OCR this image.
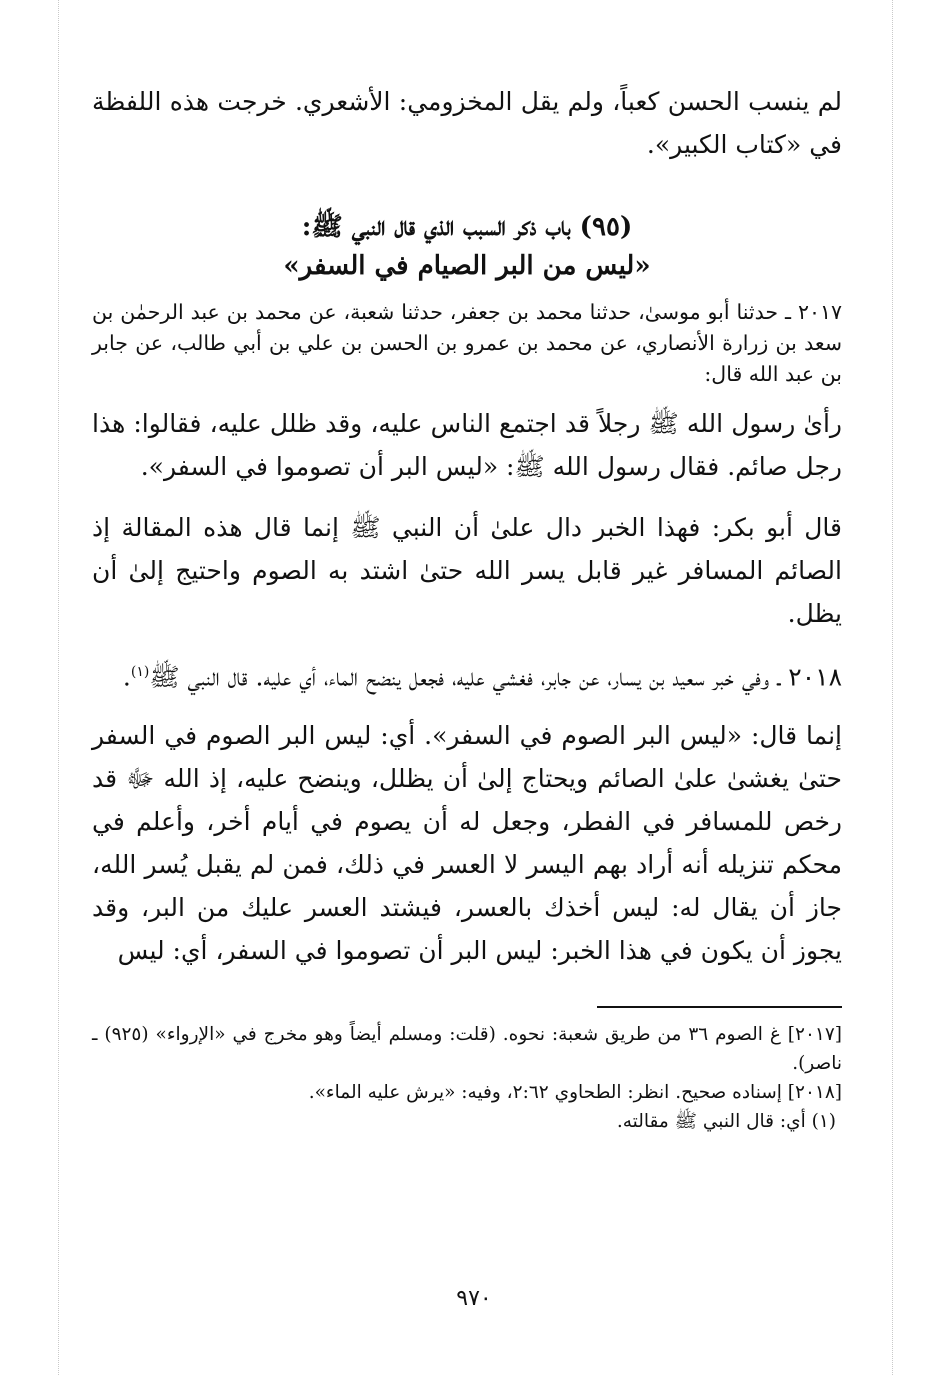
لم ينسب الحسن كعباً، ولم يقل المخزومي: الأشعري. خرجت هذه اللفظة في «كتاب الكبير».

(٩٥) باب ذكر السبب الذي قال النبي ﷺ:
«ليس من البر الصيام في السفر»

٢٠١٧ ـ حدثنا أبو موسىٰ، حدثنا محمد بن جعفر، حدثنا شعبة، عن محمد بن عبد الرحمٰن بن سعد بن زرارة الأنصاري، عن محمد بن عمرو بن الحسن بن علي بن أبي طالب، عن جابر بن عبد الله قال:

رأىٰ رسول الله ﷺ رجلاً قد اجتمع الناس عليه، وقد ظلل عليه، فقالوا: هذا رجل صائم. فقال رسول الله ﷺ: «ليس البر أن تصوموا في السفر».

قال أبو بكر: فهذا الخبر دال علىٰ أن النبي ﷺ إنما قال هذه المقالة إذ الصائم المسافر غير قابل يسر الله حتىٰ اشتد به الصوم واحتيج إلىٰ أن يظل.

٢٠١٨ ـ وفي خبر سعيد بن يسار، عن جابر، فغشي عليه، فجعل ينضح الماء، أي عليه. قال النبي ﷺ$^{(١)}$.

إنما قال: «ليس البر الصوم في السفر». أي: ليس البر الصوم في السفر حتىٰ يغشىٰ علىٰ الصائم ويحتاج إلىٰ أن يظلل، وينضح عليه، إذ الله ﷻ قد رخص للمسافر في الفطر، وجعل له أن يصوم في أيام أخر، وأعلم في محكم تنزيله أنه أراد بهم اليسر لا العسر في ذلك، فمن لم يقبل يُسر الله، جاز أن يقال له: ليس أخذك بالعسر، فيشتد العسر عليك من البر، وقد يجوز أن يكون في هذا الخبر: ليس البر أن تصوموا في السفر، أي: ليس

[٢٠١٧] غ الصوم ٣٦ من طريق شعبة: نحوه. (قلت: ومسلم أيضاً وهو مخرج في «الإرواء» (٩٢٥) ـ ناصر).

[٢٠١٨] إسناده صحيح. انظر: الطحاوي ٢:٦٢، وفيه: «يرش عليه الماء».

(١) أي: قال النبي ﷺ مقالته.

٩٧٠
